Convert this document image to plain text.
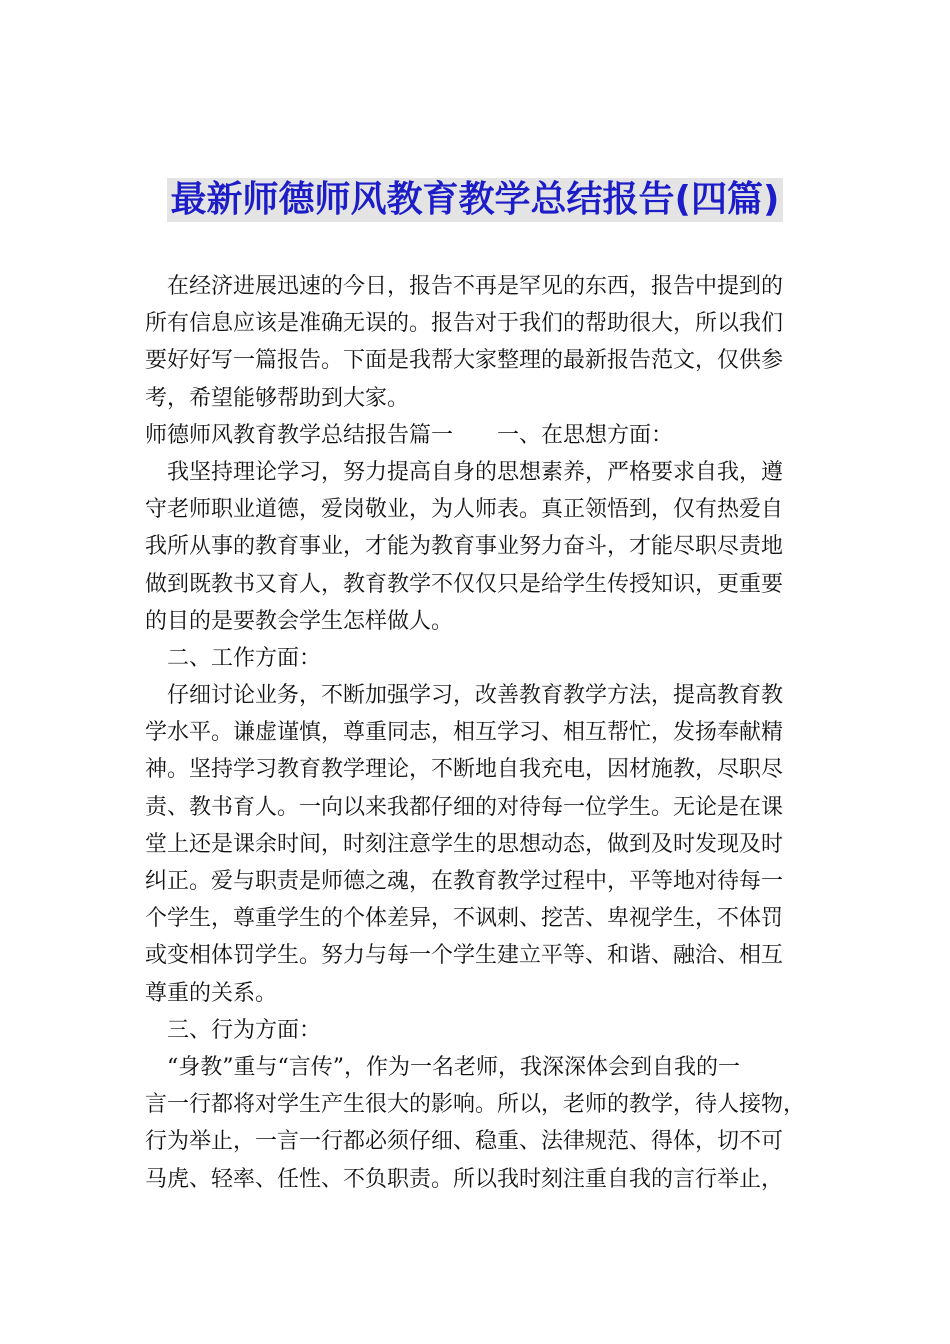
最新师德师风教育教学总结报告(四篇)
　在经济进展迅速的今日，报告不再是罕见的东西，报告中提到的
所有信息应该是准确无误的。报告对于我们的帮助很大，所以我们
要好好写一篇报告。下面是我帮大家整理的最新报告范文，仅供参
考，希望能够帮助到大家。
师德师风教育教学总结报告篇一　　一、在思想方面：
　我坚持理论学习，努力提高自身的思想素养，严格要求自我，遵
守老师职业道德，爱岗敬业，为人师表。真正领悟到，仅有热爱自
我所从事的教育事业，才能为教育事业努力奋斗，才能尽职尽责地
做到既教书又育人，教育教学不仅仅只是给学生传授知识，更重要
的目的是要教会学生怎样做人。
　二、工作方面：
　仔细讨论业务，不断加强学习，改善教育教学方法，提高教育教
学水平。谦虚谨慎，尊重同志，相互学习、相互帮忙，发扬奉献精
神。坚持学习教育教学理论，不断地自我充电，因材施教，尽职尽
责、教书育人。一向以来我都仔细的对待每一位学生。无论是在课
堂上还是课余时间，时刻注意学生的思想动态，做到及时发现及时
纠正。爱与职责是师德之魂，在教育教学过程中，平等地对待每一
个学生，尊重学生的个体差异，不讽刺、挖苦、卑视学生，不体罚
或变相体罚学生。努力与每一个学生建立平等、和谐、融洽、相互
尊重的关系。
　三、行为方面：
　“身教”重与“言传”，作为一名老师，我深深体会到自我的一
言一行都将对学生产生很大的影响。所以，老师的教学，待人接物，
行为举止，一言一行都必须仔细、稳重、法律规范、得体，切不可
马虎、轻率、任性、不负职责。所以我时刻注重自我的言行举止，
